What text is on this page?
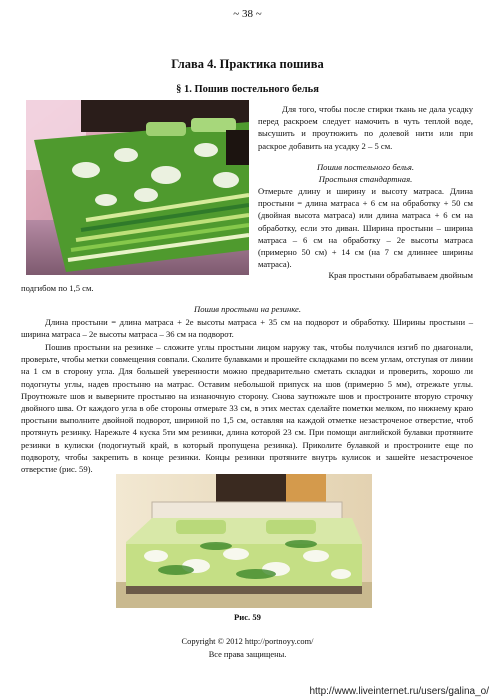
~ 38 ~
Глава 4. Практика пошива
§ 1. Пошив постельного белья
Для того, чтобы после стирки ткань не дала усадку перед раскроем следует намочить в чуть теплой воде, высушить и проутюжить по долевой нити или при раскрое добавить на усадку 2 – 5 см.
Пошив постельного белья.
Простыня стандартная.
Отмерьте длину и ширину и высоту матраса. Длина простыни = длина матраса + 6 см на обработку + 50 см (двойная высота матраса) или длина матраса + 6 см на обработку, если это диван. Ширина простыни – ширина матраса – 6 см на обработку – 2е высоты матраса (примерно 50 см) + 14 см (на 7 см длиннее ширины матраса).
Края простыни обрабатываем двойным
подгибом по 1,5 см.
Пошив простыни на резинке.
Длина простыни = длина матраса + 2е высоты матраса + 35 см на подворот и обработку. Ширины простыни – ширина матраса – 2е высоты матраса – 36 см на подворот.
Пошив простыни на резинке – сложите углы простыни лицом наружу так, чтобы получился изгиб по диагонали, проверьте, чтобы метки совмещения совпали. Сколите булавками и прошейте складками по всем углам, отступая от линии на 1 см в сторону угла. Для большей уверенности можно предварительно сметать складки и проверить, хорошо ли подогнуты углы, надев простыню на матрас. Оставим небольшой припуск на шов (примерно 5 мм), отрежьте углы. Проутюжьте шов и выверните простыню на изнаночную сторону. Снова заутюжьте шов и простроните вторую строчку двойного шва. От каждого угла в обе стороны отмерьте 33 см, в этих местах сделайте пометки мелком, по нижнему краю простыни выполните двойной подворот, шириной по 1,5 см, оставляя на каждой отметке незастроченое отверстие, чтоб протянуть резинку. Нарежьте 4 куска 5ти мм резинки, длина которой 23 см. При помощи английской булавки протяните резинки в кулиски (подогнутый край, в который пропущена резинка). Приколите булавкой и простроните еще по подвороту, чтобы закрепить в конце резинки. Концы резинки протяните внутрь кулисок и зашейте незастроченое отверстие (рис. 59).
Рис. 59
Copyright © 2012 http://portnoyy.com/
Все права защищены.
http://www.liveinternet.ru/users/galina_o/
